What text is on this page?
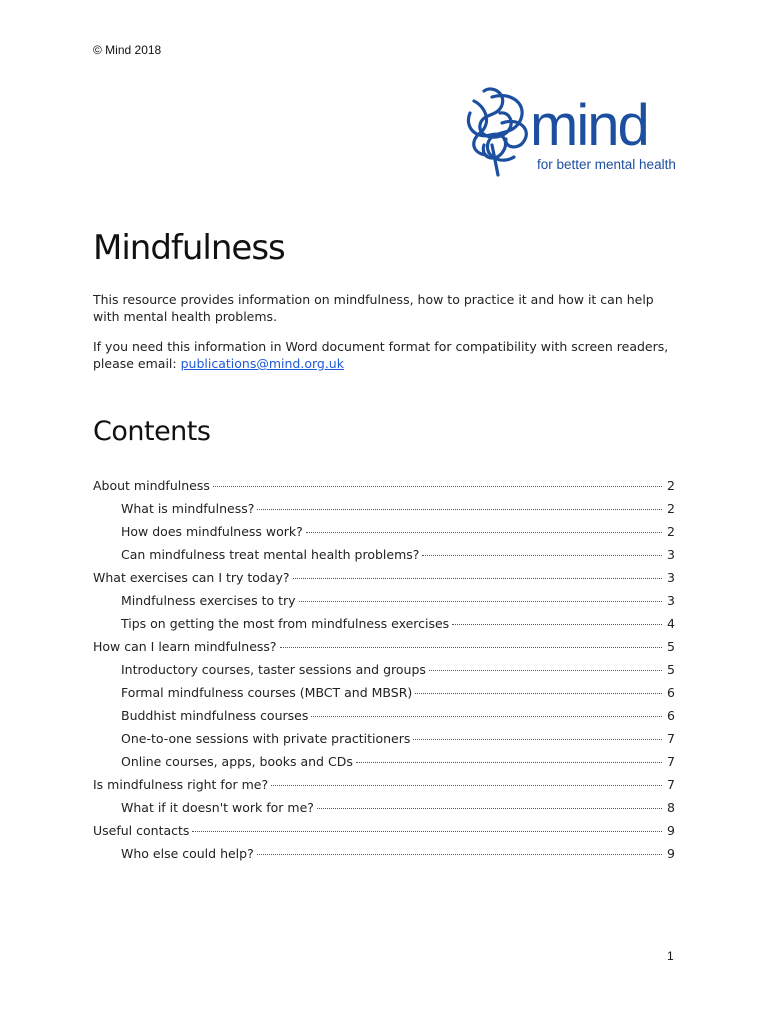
© Mind 2018
mind
for better mental health
Mindfulness

This resource provides information on mindfulness, how to practice it and how it can help with mental health problems.

If you need this information in Word document format for compatibility with screen readers, please email: publications@mind.org.uk

Contents
About mindfulness	2
What is mindfulness?	2
How does mindfulness work?	2
Can mindfulness treat mental health problems?	3
What exercises can I try today?	3
Mindfulness exercises to try	3
Tips on getting the most from mindfulness exercises	4
How can I learn mindfulness?	5
Introductory courses, taster sessions and groups	5
Formal mindfulness courses (MBCT and MBSR)	6
Buddhist mindfulness courses	6
One-to-one sessions with private practitioners	7
Online courses, apps, books and CDs	7
Is mindfulness right for me?	7
What if it doesn't work for me?	8
Useful contacts	9
Who else could help?	9
1
